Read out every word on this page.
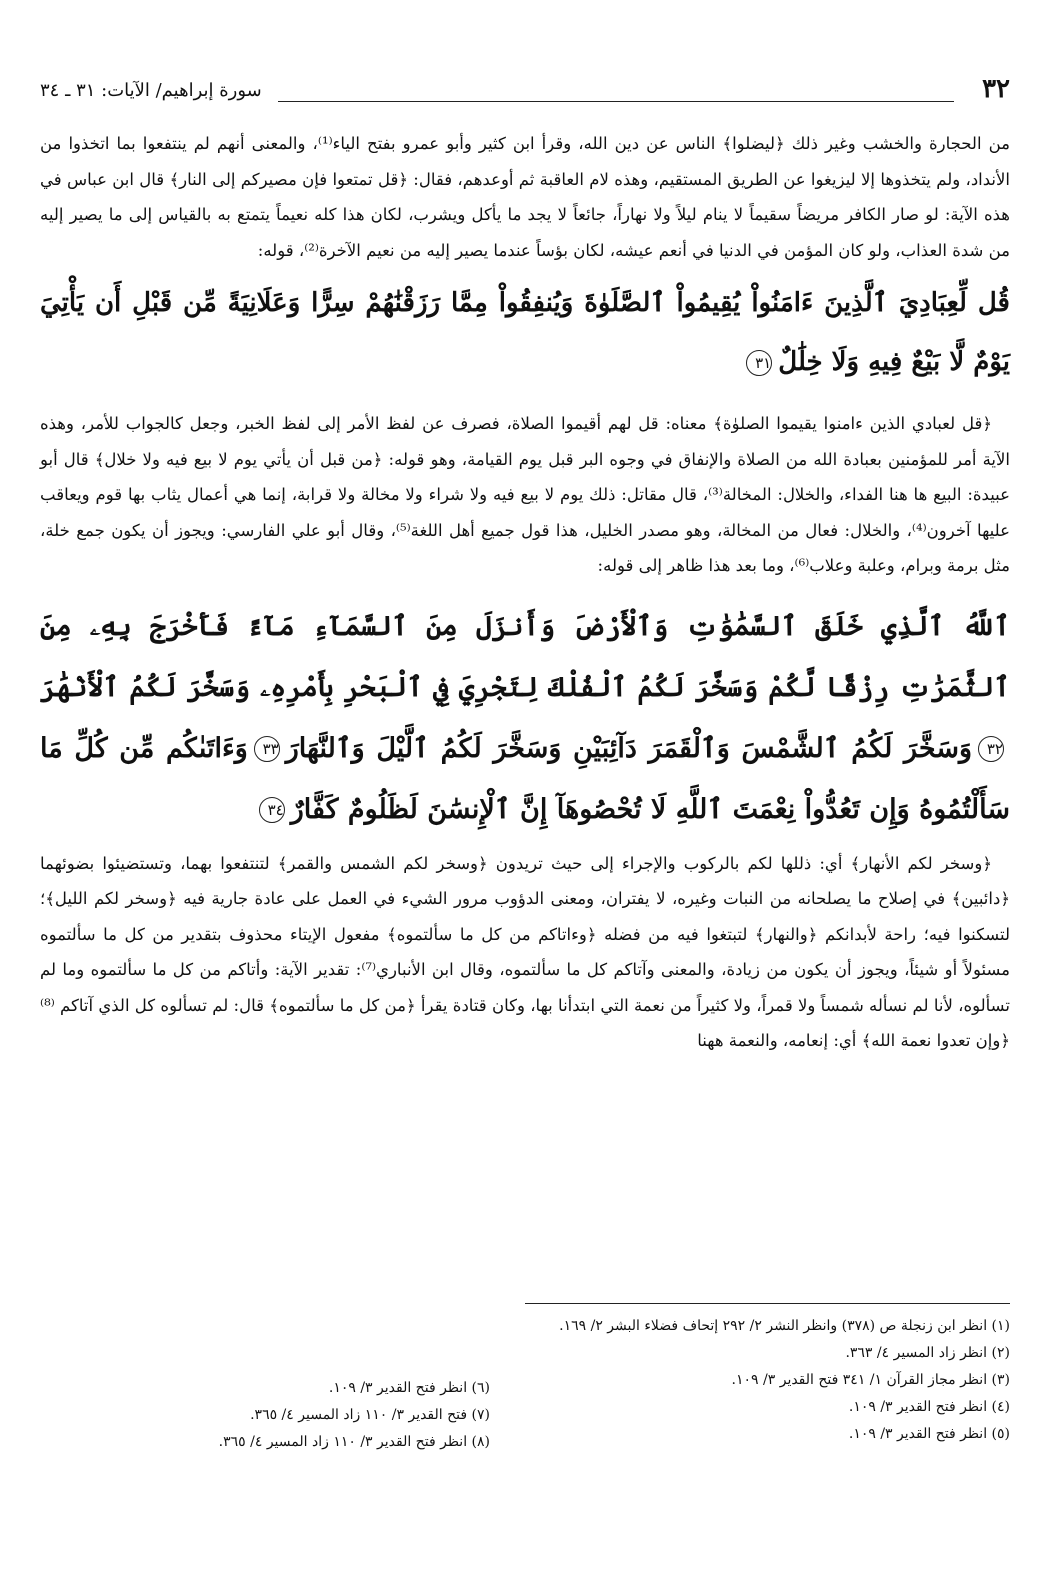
٣٢
سورة إبراهيم/ الآيات: ٣١ ـ ٣٤

من الحجارة والخشب وغير ذلك ﴿ليضلوا﴾ الناس عن دين الله، وقرأ ابن كثير وأبو عمرو بفتح الياء⁽¹⁾، والمعنى أنهم لم ينتفعوا بما اتخذوا من الأنداد، ولم يتخذوها إلا ليزيغوا عن الطريق المستقيم، وهذه لام العاقبة ثم أوعدهم، فقال: ﴿قل تمتعوا فإن مصيركم إلى النار﴾ قال ابن عباس في هذه الآية: لو صار الكافر مريضاً سقيماً لا ينام ليلاً ولا نهاراً، جائعاً لا يجد ما يأكل ويشرب، لكان هذا كله نعيماً يتمتع به بالقياس إلى ما يصير إليه من شدة العذاب، ولو كان المؤمن في الدنيا في أنعم عيشه، لكان بؤساً عندما يصير إليه من نعيم الآخرة⁽²⁾، قوله:

قُل لِّعِبَادِيَ ٱلَّذِينَ ءَامَنُواْ يُقِيمُواْ ٱلصَّلَوٰةَ وَيُنفِقُواْ مِمَّا رَزَقْنَٰهُمْ سِرًّا وَعَلَانِيَةً مِّن قَبْلِ أَن يَأْتِيَ يَوْمٌ لَّا بَيْعٌ فِيهِ وَلَا خِلَٰلٌ٣١

﴿قل لعبادي الذين ءامنوا يقيموا الصلوٰة﴾ معناه: قل لهم أقيموا الصلاة، فصرف عن لفظ الأمر إلى لفظ الخبر، وجعل كالجواب للأمر، وهذه الآية أمر للمؤمنين بعبادة الله من الصلاة والإنفاق في وجوه البر قبل يوم القيامة، وهو قوله: ﴿من قبل أن يأتي يوم لا بيع فيه ولا خلال﴾ قال أبو عبيدة: البيع ها هنا الفداء، والخلال: المخالة⁽³⁾، قال مقاتل: ذلك يوم لا بيع فيه ولا شراء ولا مخالة ولا قرابة، إنما هي أعمال يثاب بها قوم ويعاقب عليها آخرون⁽⁴⁾، والخلال: فعال من المخالة، وهو مصدر الخليل، هذا قول جميع أهل اللغة⁽⁵⁾، وقال أبو علي الفارسي: ويجوز أن يكون جمع خلة، مثل برمة وبرام، وعلبة وعلاب⁽⁶⁾، وما بعد هذا ظاهر إلى قوله:

ٱللَّهُ ٱلَّذِي خَلَقَ ٱلسَّمَٰوَٰتِ وَٱلْأَرْضَ وَأَنزَلَ مِنَ ٱلسَّمَآءِ مَآءً فَأَخْرَجَ بِهِۦ مِنَ ٱلثَّمَرَٰتِ رِزْقًا لَّكُمْ وَسَخَّرَ لَكُمُ ٱلْفُلْكَ لِتَجْرِيَ فِي ٱلْبَحْرِ بِأَمْرِهِۦ وَسَخَّرَ لَكُمُ ٱلْأَنْهَٰرَ٣٢وَسَخَّرَ لَكُمُ ٱلشَّمْسَ وَٱلْقَمَرَ دَآئِبَيْنِ وَسَخَّرَ لَكُمُ ٱلَّيْلَ وَٱلنَّهَارَ٣٣وَءَاتَىٰكُم مِّن كُلِّ مَا سَأَلْتُمُوهُ وَإِن تَعُدُّواْ نِعْمَتَ ٱللَّهِ لَا تُحْصُوهَآ إِنَّ ٱلْإِنسَٰنَ لَظَلُومٌ كَفَّارٌ٣٤

﴿وسخر لكم الأنهار﴾ أي: ذللها لكم بالركوب والإجراء إلى حيث تريدون ﴿وسخر لكم الشمس والقمر﴾ لتنتفعوا بهما، وتستضيئوا بضوئهما ﴿دائبين﴾ في إصلاح ما يصلحانه من النبات وغيره، لا يفتران، ومعنى الدؤوب مرور الشيء في العمل على عادة جارية فيه ﴿وسخر لكم الليل﴾؛ لتسكنوا فيه؛ راحة لأبدانكم ﴿والنهار﴾ لتبتغوا فيه من فضله ﴿وءاتاكم من كل ما سألتموه﴾ مفعول الإيتاء محذوف بتقدير من كل ما سألتموه مسئولاً أو شيئاً، ويجوز أن يكون من زيادة، والمعنى وآتاكم كل ما سألتموه، وقال ابن الأنباري⁽⁷⁾: تقدير الآية: وأتاكم من كل ما سألتموه وما لم تسألوه، لأنا لم نسأله شمساً ولا قمراً، ولا كثيراً من نعمة التي ابتدأنا بها، وكان قتادة يقرأ ﴿من كل ما سألتموه﴾ قال: لم تسألوه كل الذي آتاكم ⁽⁸⁾ ﴿وإن تعدوا نعمة الله﴾ أي: إنعامه، والنعمة ههنا

(١) انظر ابن زنجلة ص (٣٧٨) وانظر النشر ٢/ ٢٩٢ إتحاف فضلاء البشر ٢/ ١٦٩.
(٢) انظر زاد المسير ٤/ ٣٦٣.
(٣) انظر مجاز القرآن ١/ ٣٤١ فتح القدير ٣/ ١٠٩.
(٤) انظر فتح القدير ٣/ ١٠٩.
(٥) انظر فتح القدير ٣/ ١٠٩.
(٦) انظر فتح القدير ٣/ ١٠٩.
(٧) فتح القدير ٣/ ١١٠ زاد المسير ٤/ ٣٦٥.
(٨) انظر فتح القدير ٣/ ١١٠ زاد المسير ٤/ ٣٦٥.
